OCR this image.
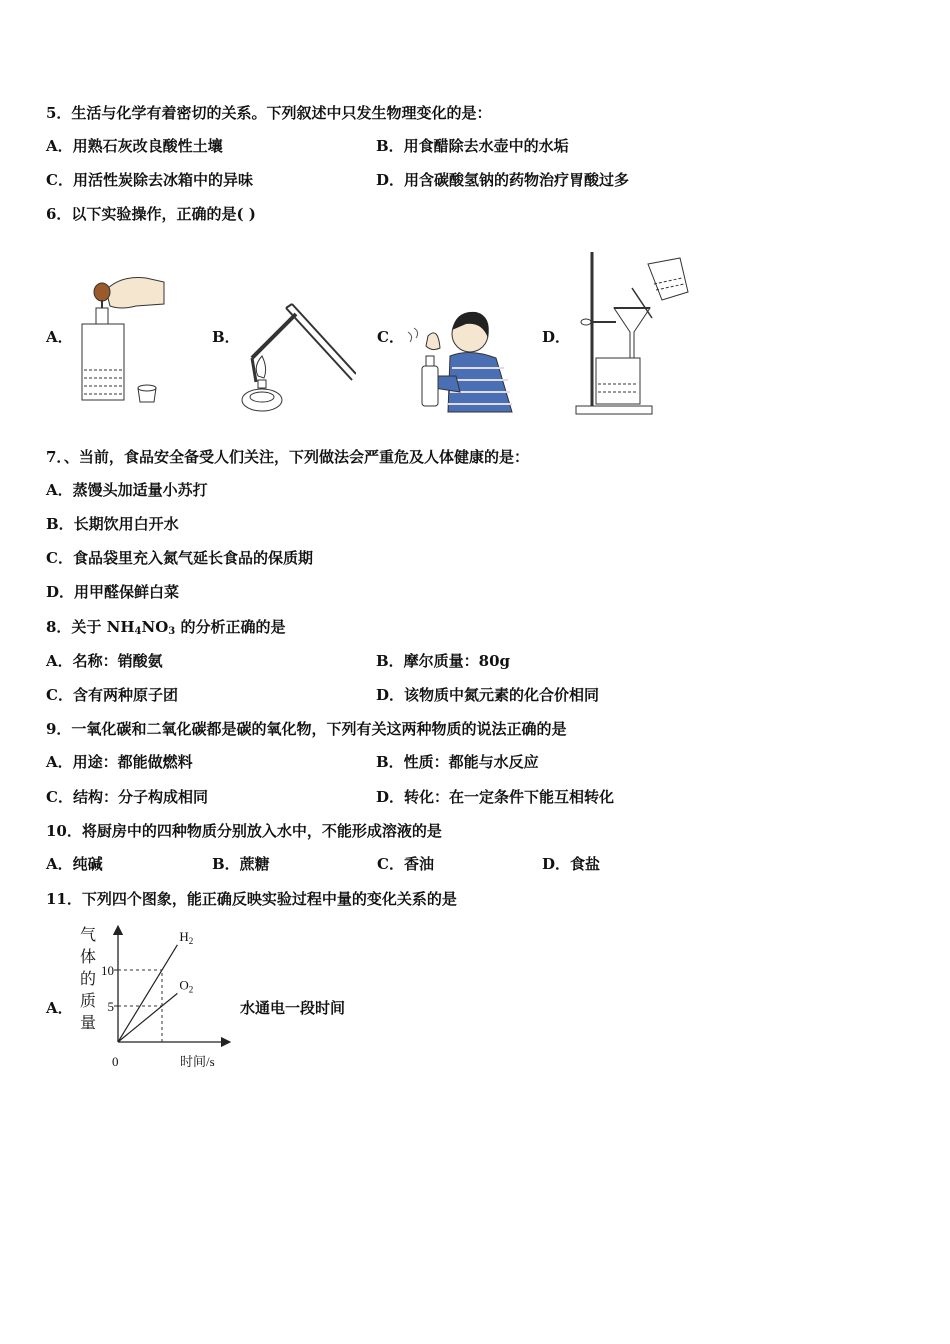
5．生活与化学有着密切的关系。下列叙述中只发生物理变化的是：
A．用熟石灰改良酸性土壤	B．用食醋除去水壶中的水垢
C．用活性炭除去冰箱中的异味	D．用含碳酸氢钠的药物治疗胃酸过多
6．以下实验操作，正确的是( )
A．	B．	C．	D．
7．、当前，食品安全备受人们关注，下列做法会严重危及人体健康的是：
A．蒸馒头加适量小苏打
B．长期饮用白开水
C．食品袋里充入氮气延长食品的保质期
D．用甲醛保鲜白菜
8．关于 $NH_4NO_3$ 的分析正确的是
A．名称：销酸氨	B．摩尔质量：80g
C．含有两种原子团	D．该物质中氮元素的化合价相同
9．一氧化碳和二氧化碳都是碳的氧化物，下列有关这两种物质的说法正确的是
A．用途：都能做燃料	B．性质：都能与水反应
C．结构：分子构成相同	D．转化：在一定条件下能互相转化
10．将厨房中的四种物质分别放入水中，不能形成溶液的是
A．纯碱	B．蔗糖	C．香油	D．食盐
11．下列四个图象，能正确反映实验过程中量的变化关系的是
A．	水通电一段时间
气体的质量
0	时间/s
10
5
$H_2$
$O_2$
